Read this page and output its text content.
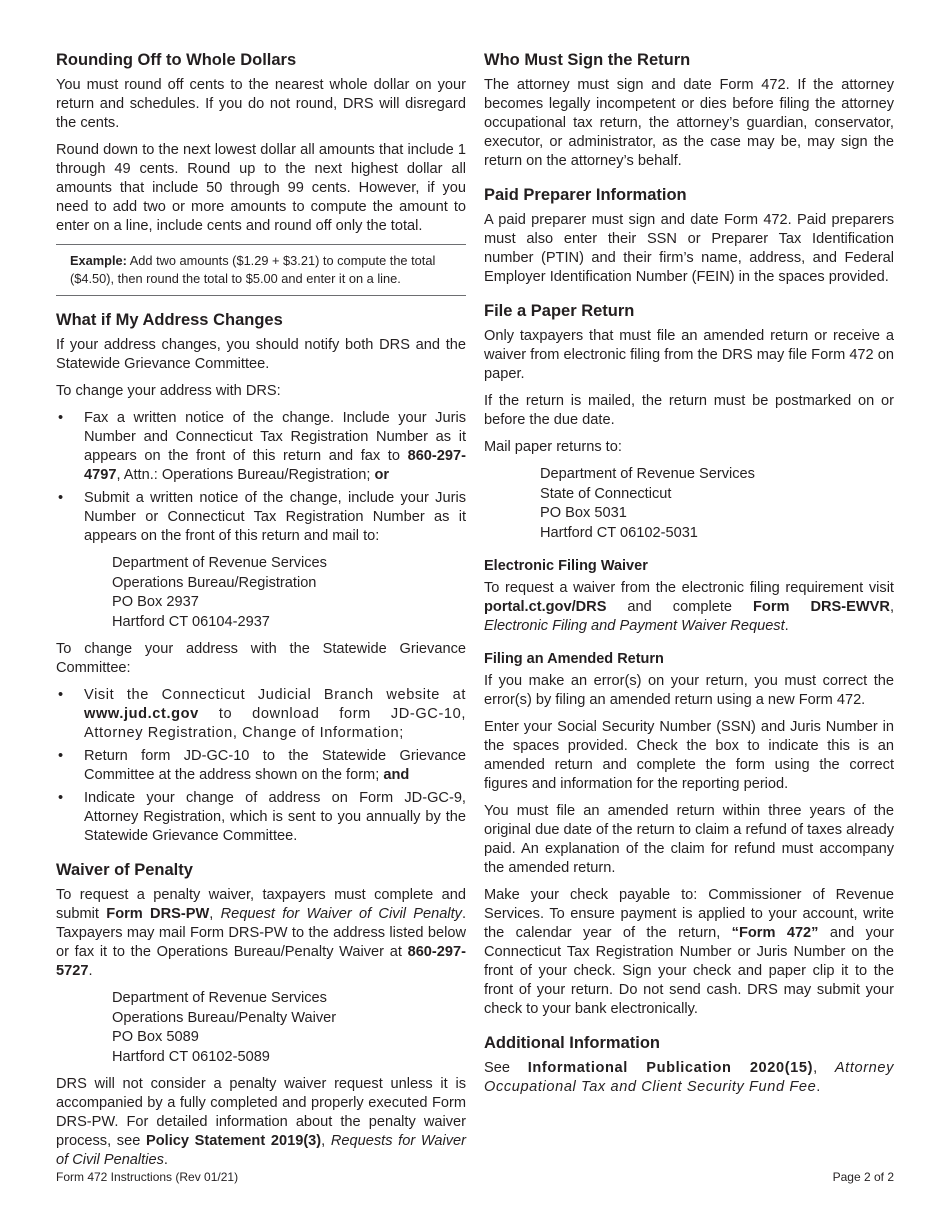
Rounding Off to Whole Dollars

You must round off cents to the nearest whole dollar on your return and schedules. If you do not round, DRS will disregard the cents.

Round down to the next lowest dollar all amounts that include 1 through 49 cents. Round up to the next highest dollar all amounts that include 50 through 99 cents. However, if you need to add two or more amounts to compute the amount to enter on a line, include cents and round off only the total.

Example: Add two amounts ($1.29 + $3.21) to compute the total ($4.50), then round the total to $5.00 and enter it on a line.
What if My Address Changes

If your address changes, you should notify both DRS and the Statewide Grievance Committee.

To change your address with DRS:

• Fax a written notice of the change. Include your Juris Number and Connecticut Tax Registration Number as it appears on the front of this return and fax to 860-297-4797, Attn.: Operations Bureau/Registration; or
• Submit a written notice of the change, include your Juris Number or Connecticut Tax Registration Number as it appears on the front of this return and mail to:
Department of Revenue Services
Operations Bureau/Registration
PO Box 2937
Hartford CT 06104-2937

To change your address with the Statewide Grievance Committee:

• Visit the Connecticut Judicial Branch website at www.jud.ct.gov to download form JD-GC-10, Attorney Registration, Change of Information;
• Return form JD-GC-10 to the Statewide Grievance Committee at the address shown on the form; and
• Indicate your change of address on Form JD-GC-9, Attorney Registration, which is sent to you annually by the Statewide Grievance Committee.
Waiver of Penalty

To request a penalty waiver, taxpayers must complete and submit Form DRS-PW, Request for Waiver of Civil Penalty. Taxpayers may mail Form DRS-PW to the address listed below or fax it to the Operations Bureau/Penalty Waiver at 860-297-5727.

Department of Revenue Services
Operations Bureau/Penalty Waiver
PO Box 5089
Hartford CT 06102-5089

DRS will not consider a penalty waiver request unless it is accompanied by a fully completed and properly executed Form DRS-PW. For detailed information about the penalty waiver process, see Policy Statement 2019(3), Requests for Waiver of Civil Penalties.

Who Must Sign the Return

The attorney must sign and date Form 472. If the attorney becomes legally incompetent or dies before filing the attorney occupational tax return, the attorney’s guardian, conservator, executor, or administrator, as the case may be, may sign the return on the attorney’s behalf.

Paid Preparer Information

A paid preparer must sign and date Form 472. Paid preparers must also enter their SSN or Preparer Tax Identification number (PTIN) and their firm’s name, address, and Federal Employer Identification Number (FEIN) in the spaces provided.

File a Paper Return

Only taxpayers that must file an amended return or receive a waiver from electronic filing from the DRS may file Form 472 on paper.

If the return is mailed, the return must be postmarked on or before the due date.

Mail paper returns to:

Department of Revenue Services
State of Connecticut
PO Box 5031
Hartford CT 06102-5031
Electronic Filing Waiver

To request a waiver from the electronic filing requirement visit portal.ct.gov/DRS and complete Form DRS-EWVR, Electronic Filing and Payment Waiver Request.

Filing an Amended Return

If you make an error(s) on your return, you must correct the error(s) by filing an amended return using a new Form 472.

Enter your Social Security Number (SSN) and Juris Number in the spaces provided. Check the box to indicate this is an amended return and complete the form using the correct figures and information for the reporting period.

You must file an amended return within three years of the original due date of the return to claim a refund of taxes already paid. An explanation of the claim for refund must accompany the amended return.

Make your check payable to: Commissioner of Revenue Services. To ensure payment is applied to your account, write the calendar year of the return, “Form 472” and your Connecticut Tax Registration Number or Juris Number on the front of your check. Sign your check and paper clip it to the front of your return. Do not send cash. DRS may submit your check to your bank electronically.

Additional Information

See Informational Publication 2020(15), Attorney Occupational Tax and Client Security Fund Fee.

Form 472 Instructions (Rev 01/21)	Page 2 of 2
